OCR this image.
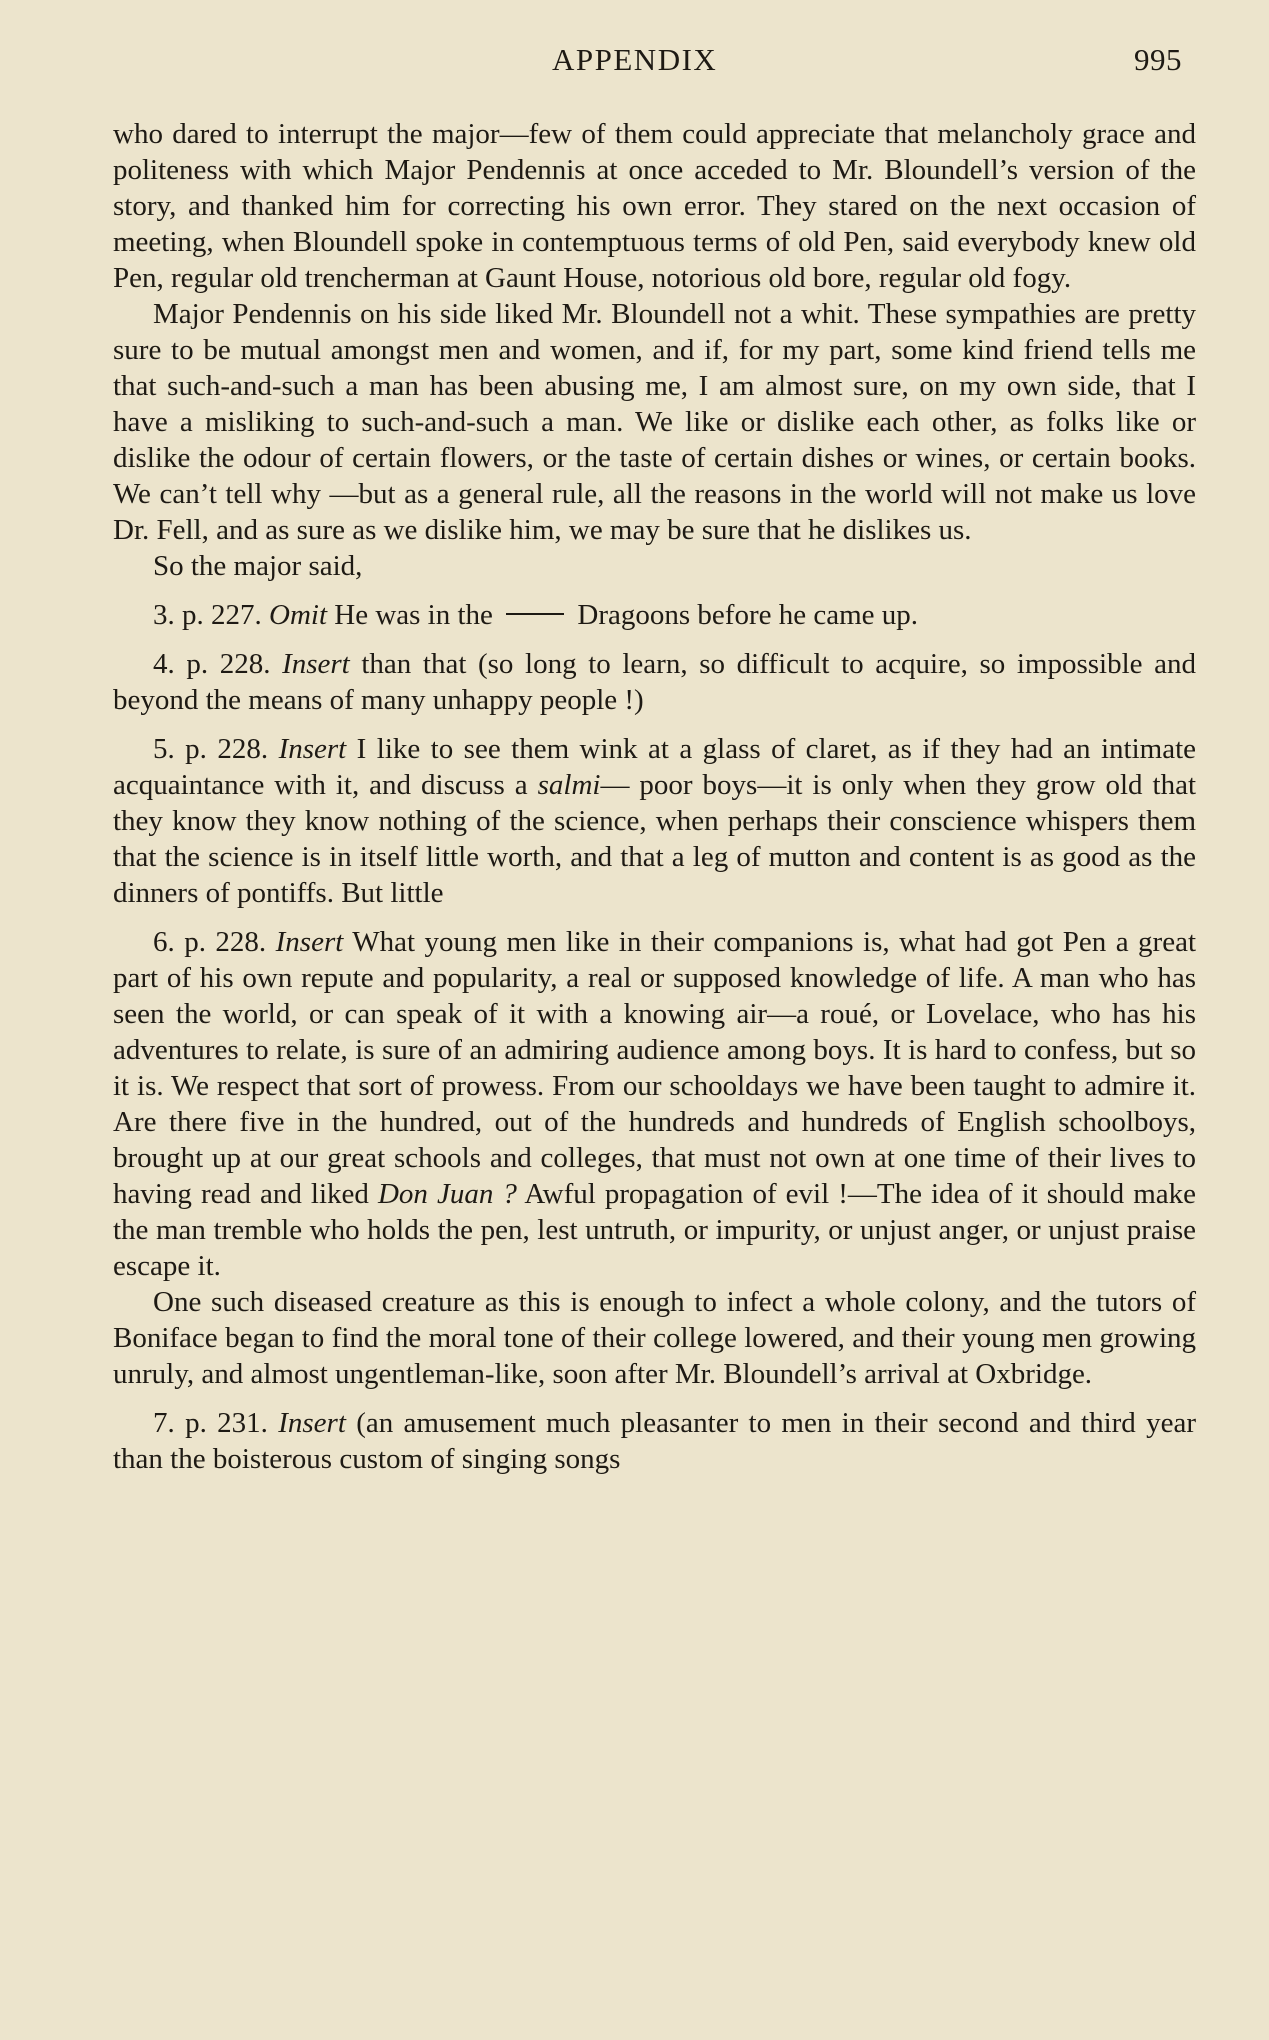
APPENDIX	995

who dared to interrupt the major—few of them could appreciate that melancholy grace and politeness with which Major Pendennis at once acceded to Mr. Bloundell’s version of the story, and thanked him for correcting his own error. They stared on the next occasion of meeting, when Bloundell spoke in contemptuous terms of old Pen, said everybody knew old Pen, regular old trencherman at Gaunt House, notorious old bore, regular old fogy.

Major Pendennis on his side liked Mr. Bloundell not a whit. These sympathies are pretty sure to be mutual amongst men and women, and if, for my part, some kind friend tells me that such-and-such a man has been abusing me, I am almost sure, on my own side, that I have a misliking to such-and-such a man. We like or dislike each other, as folks like or dislike the odour of certain flowers, or the taste of certain dishes or wines, or certain books. We can’t tell why —but as a general rule, all the reasons in the world will not make us love Dr. Fell, and as sure as we dislike him, we may be sure that he dislikes us.

So the major said,

3. p. 227. Omit He was in the  Dragoons before he came up.

4. p. 228. Insert than that (so long to learn, so difficult to acquire, so impossible and beyond the means of many unhappy people !)

5. p. 228. Insert I like to see them wink at a glass of claret, as if they had an intimate acquaintance with it, and discuss a salmi— poor boys—it is only when they grow old that they know they know nothing of the science, when perhaps their conscience whispers them that the science is in itself little worth, and that a leg of mutton and content is as good as the dinners of pontiffs. But little

6. p. 228. Insert What young men like in their companions is, what had got Pen a great part of his own repute and popularity, a real or supposed knowledge of life. A man who has seen the world, or can speak of it with a knowing air—a roué, or Lovelace, who has his adventures to relate, is sure of an admiring audience among boys. It is hard to confess, but so it is. We respect that sort of prowess. From our schooldays we have been taught to admire it. Are there five in the hundred, out of the hundreds and hundreds of English schoolboys, brought up at our great schools and colleges, that must not own at one time of their lives to having read and liked Don Juan ? Awful propagation of evil !—The idea of it should make the man tremble who holds the pen, lest untruth, or impurity, or unjust anger, or unjust praise escape it.

One such diseased creature as this is enough to infect a whole colony, and the tutors of Boniface began to find the moral tone of their college lowered, and their young men growing unruly, and almost ungentleman-like, soon after Mr. Bloundell’s arrival at Oxbridge.

7. p. 231. Insert (an amusement much pleasanter to men in their second and third year than the boisterous custom of singing songs
